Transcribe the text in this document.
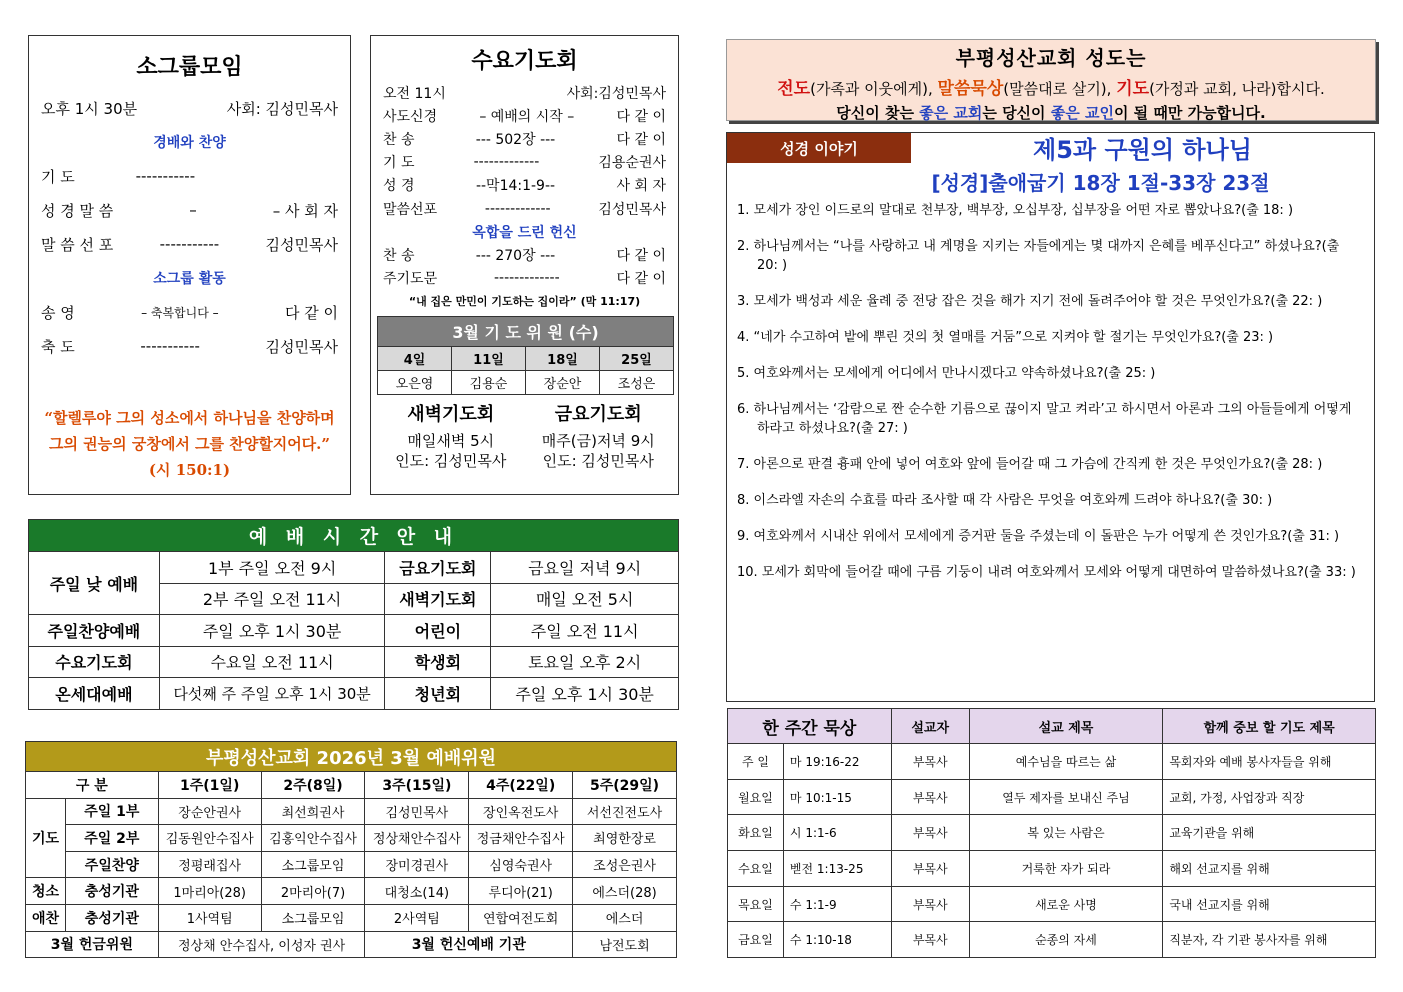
소그룹모임
오후 1시 30분	사회: 김성민목사
경배와 찬양
기 도	-----------
성 경 말 씀	–	– 사 회 자
말 씀 선 포	-----------	김성민목사
소그룹 활동
송 영	– 축복합니다 –	다 같 이
축 도	-----------	김성민목사
“할렐루야 그의 성소에서 하나님을 찬양하며 그의 권능의 궁창에서 그를 찬양할지어다.” (시 150:1)
수요기도회
오전 11시	사회:김성민목사
사도신경	– 예배의 시작 –	다 같 이
찬 송	--- 502장 ---	다 같 이
기 도	-------------	김용순권사
성 경	--막14:1-9--	사 회 자
말씀선포	-------------	김성민목사
옥합을 드린 헌신
찬 송	--- 270장 ---	다 같 이
주기도문	-------------	다 같 이
“내 집은 만민이 기도하는 집이라” (막 11:17)
3월 기 도 위 원 (수)			
4일	11일	18일	25일
오은영	김용순	장순안	조성은
새벽기도회
매일새벽 5시
인도: 김성민목사
금요기도회
매주(금)저녁 9시
인도: 김성민목사
예 배 시 간 안 내			
주일 낮 예배	1부 주일 오전 9시	금요기도회	금요일 저녁 9시
	2부 주일 오전 11시	새벽기도회	매일 오전 5시
주일찬양예배	주일 오후 1시 30분	어린이	주일 오전 11시
수요기도회	수요일 오전 11시	학생회	토요일 오후 2시
온세대예배	다섯째 주 주일 오후 1시 30분	청년회	주일 오후 1시 30분
부평성산교회 2026년 3월 예배위원						
구 분		1주(1일)	2주(8일)	3주(15일)	4주(22일)	5주(29일)
기도	주일 1부	장순안권사	최선희권사	김성민목사	장인옥전도사	서선진전도사
	주일 2부	김동원안수집사	김홍익안수집사	정상채안수집사	정금채안수집사	최영한장로
	주일찬양	정평래집사	소그룹모임	장미경권사	심영숙권사	조성은권사
청소	충성기관	1마리아(28)	2마리아(7)	대청소(14)	루디아(21)	에스더(28)
애찬	충성기관	1사역팀	소그룹모임	2사역팀	연합여전도회	에스더
3월 헌금위원		정상채 안수집사, 이성자 권사		3월 헌신예배 기관		남전도회
부평성산교회 성도는
전도(가족과 이웃에게), 말씀묵상(말씀대로 살기), 기도(가정과 교회, 나라)합시다.
당신이 찾는 좋은 교회는 당신이 좋은 교인이 될 때만 가능합니다.
성경 이야기	제5과 구원의 하나님
[성경]출애굽기 18장 1절-33장 23절
1. 모세가 장인 이드로의 말대로 천부장, 백부장, 오십부장, 십부장을 어떤 자로 뽑았나요?(출 18: )
2. 하나님께서는 “나를 사랑하고 내 계명을 지키는 자들에게는 몇 대까지 은혜를 베푸신다고” 하셨나요?(출 20: )
3. 모세가 백성과 세운 율례 중 전당 잡은 것을 해가 지기 전에 돌려주어야 할 것은 무엇인가요?(출 22: )
4. “네가 수고하여 밭에 뿌린 것의 첫 열매를 거둠”으로 지켜야 할 절기는 무엇인가요?(출 23: )
5. 여호와께서는 모세에게 어디에서 만나시겠다고 약속하셨나요?(출 25: )
6. 하나님께서는 ‘감람으로 짠 순수한 기름으로 끊이지 말고 켜라’고 하시면서 아론과 그의 아들들에게 어떻게 하라고 하셨나요?(출 27: )
7. 아론으로 판결 흉패 안에 넣어 여호와 앞에 들어갈 때 그 가슴에 간직케 한 것은 무엇인가요?(출 28: )
8. 이스라엘 자손의 수효를 따라 조사할 때 각 사람은 무엇을 여호와께 드려야 하나요?(출 30: )
9. 여호와께서 시내산 위에서 모세에게 증거판 둘을 주셨는데 이 돌판은 누가 어떻게 쓴 것인가요?(출 31: )
10. 모세가 회막에 들어갈 때에 구름 기둥이 내려 여호와께서 모세와 어떻게 대면하여 말씀하셨나요?(출 33: )
한 주간 묵상		설교자	설교 제목	함께 중보 할 기도 제목
주 일	마 19:16-22	부목사	예수님을 따르는 삶	목회자와 예배 봉사자들을 위해
월요일	마 10:1-15	부목사	열두 제자를 보내신 주님	교회, 가정, 사업장과 직장
화요일	시 1:1-6	부목사	복 있는 사람은	교육기관을 위해
수요일	벧전 1:13-25	부목사	거룩한 자가 되라	해외 선교지를 위해
목요일	수 1:1-9	부목사	새로운 사명	국내 선교지를 위해
금요일	수 1:10-18	부목사	순종의 자세	직분자, 각 기관 봉사자를 위해
